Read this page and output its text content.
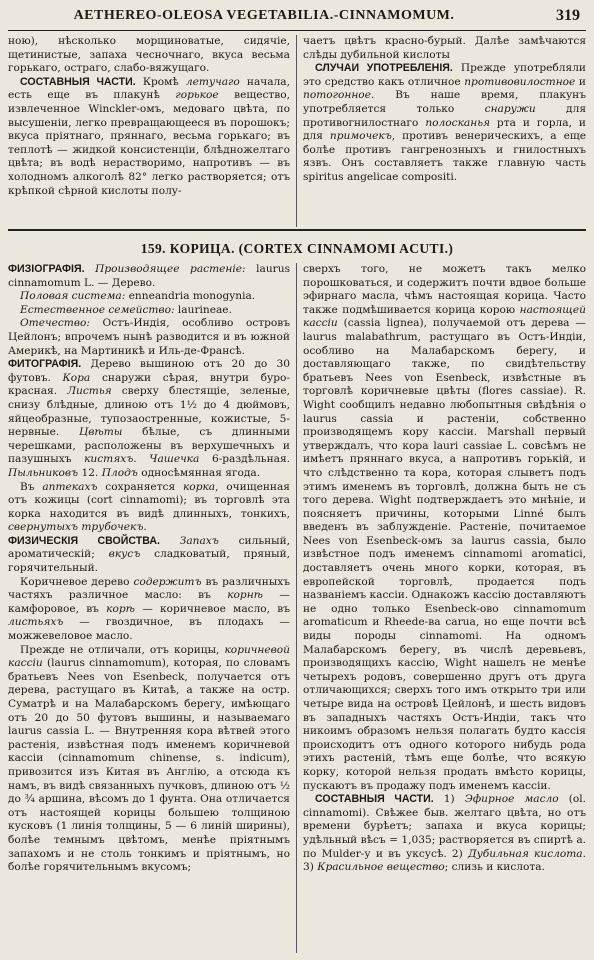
AETHEREO-OLEOSA VEGETABILIA.-CINNAMOMUM.	319

ною), нѣсколько морщиноватые, сидячіе, щетинистые, запаха чесночнаго, вкуса весьма горькаго, остраго, слабо-вяжущаго.

СОСТАВНЫЯ ЧАСТИ. Кромѣ летучаго начала, есть еще въ плакунѣ горькое вещество, извлеченное Winckler-омъ, медоваго цвѣта, по высушеніи, легко превращающееся въ порошокъ; вкуса пріятнаго, пряннаго, весьма горькаго; въ теплотѣ — жидкой консистенціи, блѣдножелтаго цвѣта; въ водѣ нерастворимо, напротивъ — въ холодномъ алкоголѣ 82° легко растворяется; отъ крѣпкой сѣрной кислоты полу-

чаетъ цвѣтъ красно-бурый. Далѣе замѣчаются слѣды дубильной кислоты

СЛУЧАИ УПОТРЕБЛЕНІЯ. Прежде употребляли это средство какъ отличное противовилостное и потогонное. Въ наше время, плакунъ употребляется только снаружи для противогнилостнаго полосканья рта и горла, и для примочекъ, противъ венерическихъ, а еще болѣе противъ гангренозныхъ и гнилостныхъ язвъ. Онъ составляетъ также главную часть spiritus angelicae compositi.

159. КОРИЦА. (CORTEX CINNAMOMI ACUTI.)

ФИЗІОГРАФІЯ. Производящее растеніе: laurus cinnamomum L. — Дерево.

Половая система: enneandria monogynia.

Естественное семейство: laurineae.

Отечество: Остъ-Индія, особливо островъ Цейлонъ; впрочемъ нынѣ разводится и въ южной Америкѣ, на Мартиникѣ и Иль-де-Франсѣ.

ФИТОГРАФІЯ. Дерево вышиною отъ 20 до 30 футовъ. Кора снаружи сѣрая, внутри буро-красная. Листья сверху блестящіе, зеленые, снизу блѣдные, длиною отъ 1½ до 4 дюймовъ, яйцеобразные, тупозаостренные, кожистые, 5-нервные. Цвѣты бѣлые, съ длинными черешками, расположены въ верхушечныхъ и пазушныхъ кистяхъ. Чашечка 6-раздѣльная. Пыльниковъ 12. Плодъ односѣмянная ягода.

Въ аптекахъ сохраняется корка, очищенная отъ кожицы (cort cinnamomi); въ торговлѣ эта корка находится въ видѣ длинныхъ, тонкихъ, свернутыхъ трубочекъ.

ФИЗИЧЕСКІЯ СВОЙСТВА. Запахъ сильный, ароматическій; вкусъ сладковатый, пряный, горячительный.

Коричневое дерево содержитъ въ различныхъ частяхъ различное масло: въ корнѣ — камфоровое, въ корѣ — коричневое масло, въ листьяхъ — гвоздичное, въ плодахъ — можжевеловое масло.

Прежде не отличали, отъ корицы, коричневой кассіи (laurus cinnamomum), которая, по словамъ братьевъ Nees von Esenbeck, получается отъ дерева, растущаго въ Китаѣ, а также на остр. Суматрѣ и на Малабарскомъ берегу, имѣющаго отъ 20 до 50 футовъ вышины, и называемаго laurus cassia L. — Внутренняя кора вѣтвей этого растенія, извѣстная подъ именемъ коричневой кассіи (cinnamomum chinense, s. indicum), привозится изъ Китая въ Англію, а отсюда къ намъ, въ видѣ связанныхъ пучковъ, длиною отъ ½ до ¾ аршина, вѣсомъ до 1 фунта. Она отличается отъ настоящей корицы большею толщиною кусковъ (1 линія толщины, 5 — 6 линій ширины), болѣе темнымъ цвѣтомъ, менѣе пріятнымъ запахомъ и не столь тонкимъ и пріятнымъ, но болѣе горячительнымъ вкусомъ;

сверхъ того, не можетъ такъ мелко порошковаться, и содержитъ почти вдвое больше эфирнаго масла, чѣмъ настоящая корица. Часто также подмѣшивается корица корою настоящей кассіи (cassia lignea), получаемой отъ дерева — laurus malabathrum, растущаго въ Остъ-Индіи, особливо на Малабарскомъ берегу, и доставляющаго также, по свидѣтельству братьевъ Nees von Esenbeck, извѣстные въ торговлѣ коричневые цвѣты (flores cassiae). R. Wight сообщилъ недавно любопытныя свѣдѣнія о laurus cassia и растеніи, собственно производящемъ кору кассіи. Marshall первый утверждалъ, что кора lauri cassiae L. совсѣмъ не имѣетъ пряннаго вкуса, а напротивъ горькій, и что слѣдственно та кора, которая слыветъ подъ этимъ именемъ въ торговлѣ, должна быть не съ того дерева. Wight подтверждаетъ это мнѣніе, и поясняетъ причины, которыми Linné былъ введенъ въ заблужденіе. Растеніе, почитаемое Nees von Esenbeck-омъ за laurus cassia, было извѣстное подъ именемъ cinnamomi aromatici, доставляетъ очень много корки, которая, въ европейской торговлѣ, продается подъ названіемъ кассіи. Однакожъ кассію доставляютъ не одно только Esenbeck-ово cinnamomum aromaticum и Rheede-ва carua, но еще почти всѣ виды породы cinnamomi. На одномъ Малабарскомъ берегу, въ числѣ деревьевъ, производящихъ кассію, Wight нашелъ не менѣе четырехъ родовъ, совершенно другъ отъ друга отличающихся; сверхъ того имъ открыто три или четыре вида на островѣ Цейлонѣ, и шесть видовъ въ западныхъ частяхъ Остъ-Индіи, такъ что никоимъ образомъ нельзя полагать будто кассія происходитъ отъ одного которого нибудь рода этихъ растеній, тѣмъ еще болѣе, что всякую корку, которой нельзя продать вмѣсто корицы, пускаютъ въ продажу подъ именемъ кассіи.

СОСТАВНЫЯ ЧАСТИ. 1) Эфирное масло (ol. cinnamomi). Свѣжее быв. желтаго цвѣта, но отъ времени бурѣетъ; запаха и вкуса корицы; удѣльный вѣсъ = 1,035; растворяется въ спиртѣ а. по Mulder-у и въ уксусѣ. 2) Дубильная кислота. 3) Красильное вещество; слизь и кислота.
